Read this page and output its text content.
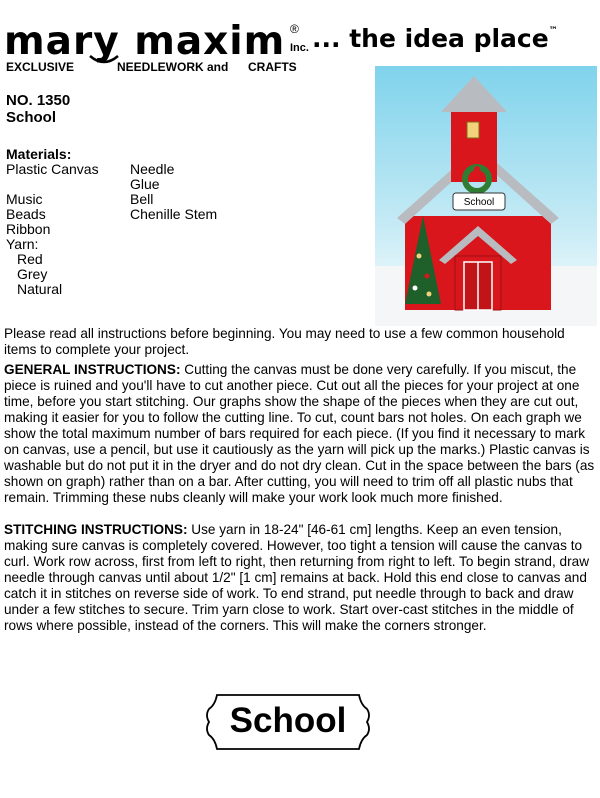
mary maxim ®
Inc. ... the idea place™
EXCLUSIVE	NEEDLEWORK and CRAFTS
NO. 1350
School
Materials:
Plastic Canvas
Music
Beads
Ribbon
Yarn:
Red
Grey
Natural
Needle
Glue
Bell
Chenille Stem
School
Please read all instructions before beginning. You may need to use a few common household items to complete your project.
GENERAL INSTRUCTIONS: Cutting the canvas must be done very carefully. If you miscut, the piece is ruined and you'll have to cut another piece. Cut out all the pieces for your project at one time, before you start stitching. Our graphs show the shape of the pieces when they are cut out, making it easier for you to follow the cutting line. To cut, count bars not holes. On each graph we show the total maximum number of bars required for each piece. (If you find it necessary to mark on canvas, use a pencil, but use it cautiously as the yarn will pick up the marks.) Plastic canvas is washable but do not put it in the dryer and do not dry clean. Cut in the space between the bars (as shown on graph) rather than on a bar. After cutting, you will need to trim off all plastic nubs that remain. Trimming these nubs cleanly will make your work look much more finished.
STITCHING INSTRUCTIONS: Use yarn in 18-24" [46-61 cm] lengths. Keep an even tension, making sure canvas is completely covered. However, too tight a tension will cause the canvas to curl. Work row across, first from left to right, then returning from right to left. To begin strand, draw needle through canvas until about 1/2" [1 cm] remains at back. Hold this end close to canvas and catch it in stitches on reverse side of work. To end strand, put needle through to back and draw under a few stitches to secure. Trim yarn close to work. Start over-cast stitches in the middle of rows where possible, instead of the corners. This will make the corners stronger.
School
